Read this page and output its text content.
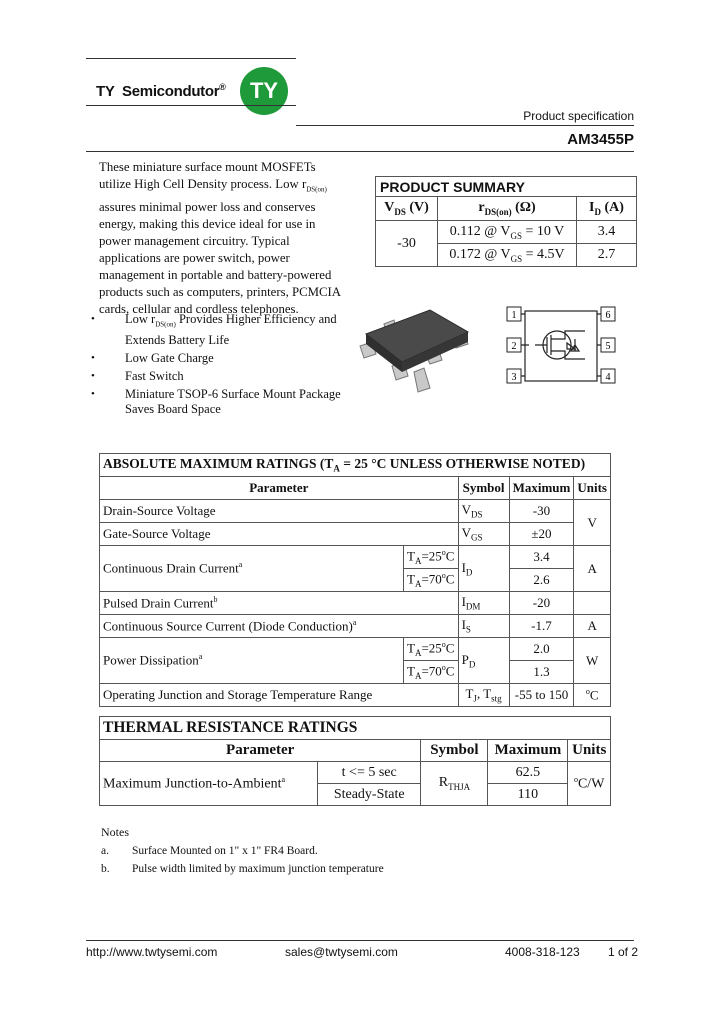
TY  Semicondutor® TY
Product specification
AM3455P
These miniature surface mount MOSFETs
utilize High Cell Density process. Low $r_{DS(on)}$
assures minimal power loss and conserves
energy, making this device ideal for use in
power management circuitry. Typical
applications are power switch, power
management in portable and battery-powered
products such as computers, printers, PCMCIA
cards, cellular and cordless telephones.
• Low $r_{DS(on)}$ Provides Higher Efficiency and
Extends Battery Life
• Low Gate Charge
• Fast Switch
• Miniature TSOP-6 Surface Mount Package
Saves Board Space
PRODUCT SUMMARY		
$V_{DS}$ (V)	$r_{DS(on)}$ (Ω)	$I_D$ (A)
-30	0.112 @ $V_{GS} = 10$ V	3.4
	0.172 @ $V_{GS} = 4.5V$	2.7
1
2
3
6
5
4
ABSOLUTE MAXIMUM RATINGS ($T_A = 25$ °C UNLESS OTHERWISE NOTED)				
Parameter		Symbol	Maximum	Units
Drain-Source Voltage		$V_{DS}$	-30	V
Gate-Source Voltage		$V_{GS}$	±20	
Continuous Drain Current$^a$	$T_A=25^oC$	$I_D$	3.4	A
	$T_A=70^oC$		2.6	
Pulsed Drain Current$^b$		$I_{DM}$	-20	
Continuous Source Current (Diode Conduction)$^a$		$I_S$	-1.7	A
Power Dissipation$^a$	$T_A=25^oC$	$P_D$	2.0	W
	$T_A=70^oC$		1.3	
Operating Junction and Storage Temperature Range		$T_J$, $T_{stg}$	-55 to 150	$^o$C
THERMAL RESISTANCE RATINGS				
Parameter		Symbol	Maximum	Units
Maximum Junction-to-Ambient$^a$	t <= 5 sec	$R_{THJA}$	62.5	$^o$C/W
	Steady-State		110	
Notes
a. Surface Mounted on 1" x 1" FR4 Board.
b. Pulse width limited by maximum junction temperature
http://www.twtysemi.com	sales@twtysemi.com	4008-318-123 1 of 2
